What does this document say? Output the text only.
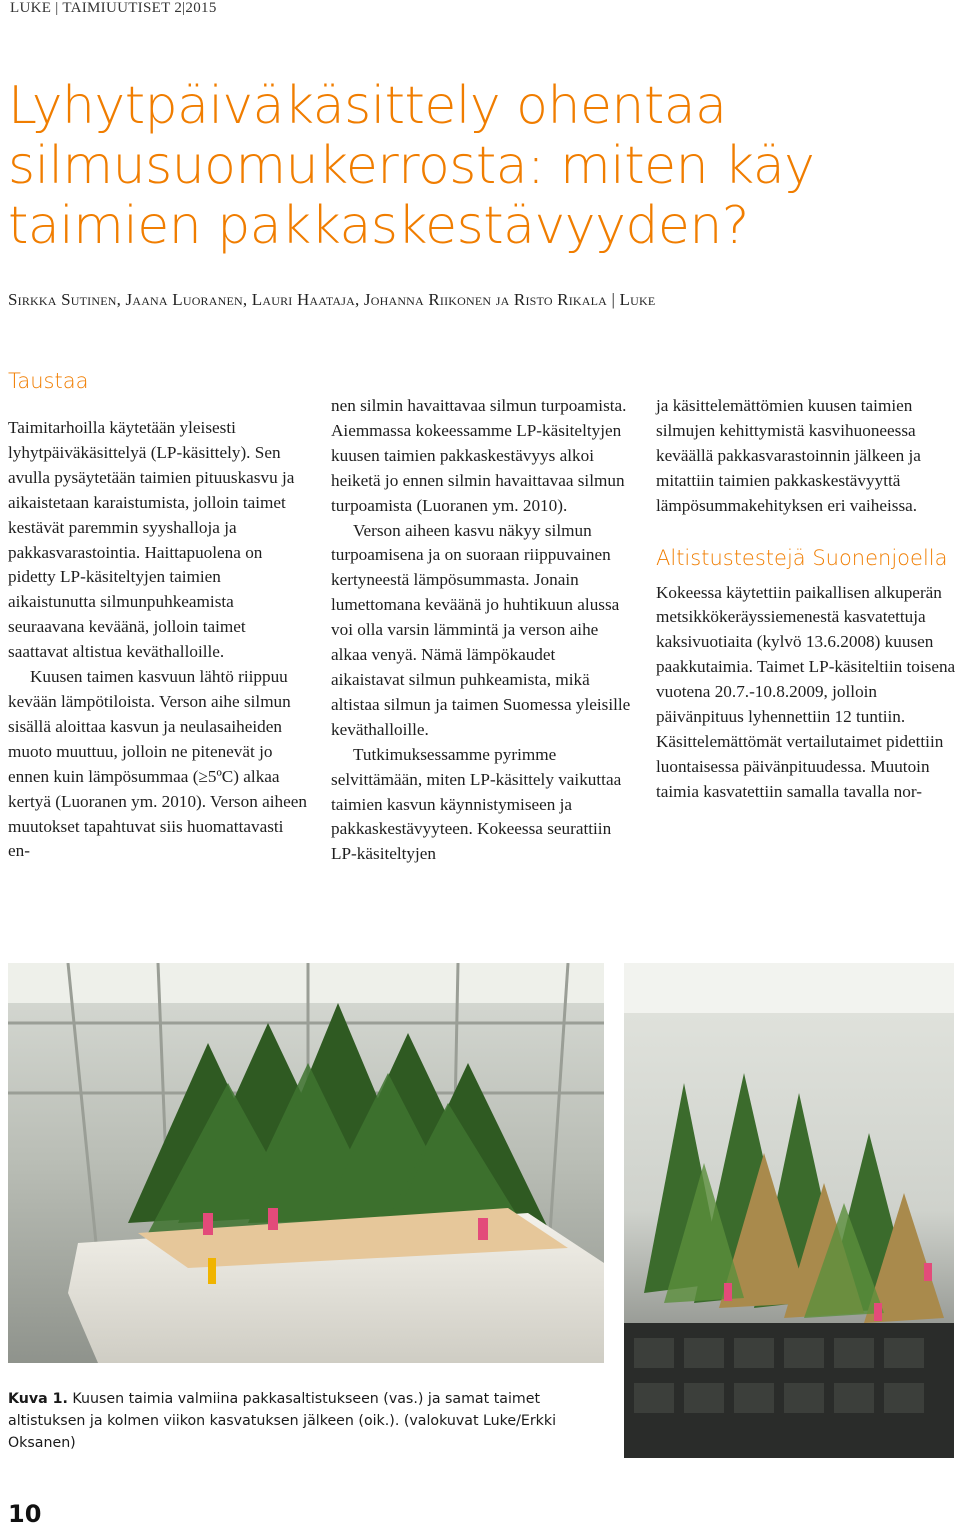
LUKE | TAIMIUUTISET 2|2015
Lyhytpäiväkäsittely ohentaa
silmusuomukerrosta: miten käy
taimien pakkaskestävyyden?
Sirkka Sutinen, Jaana Luoranen, Lauri Haataja, Johanna Riikonen ja Risto Rikala | Luke
Taustaa

Taimitarhoilla käytetään yleisesti lyhytpäiväkäsittelyä (LP-käsittely). Sen avulla pysäytetään taimien pituuskasvu ja aikaistetaan karaistumista, jolloin taimet kestävät paremmin syyshalloja ja pakkasvarastointia. Haittapuolena on pidetty LP-käsiteltyjen taimien aikaistunutta silmunpuhkeamista seuraavana keväänä, jolloin taimet saattavat altistua keväthalloille.

Kuusen taimen kasvuun lähtö riippuu kevään lämpötiloista. Verson aihe silmun sisällä aloittaa kasvun ja neulasaiheiden muoto muuttuu, jolloin ne pitenevät jo ennen kuin lämpösummaa (≥5ºC) alkaa kertyä (Luoranen ym. 2010). Verson aiheen muutokset tapahtuvat siis huomattavasti en-

nen silmin havaittavaa silmun turpoamista. Aiemmassa kokeessamme LP-käsiteltyjen kuusen taimien pakkaskestävyys alkoi heiketä jo ennen silmin havaittavaa silmun turpoamista (Luoranen ym. 2010).

Verson aiheen kasvu näkyy silmun turpoamisena ja on suoraan riippuvainen kertyneestä lämpösummasta. Jonain lumettomana keväänä jo huhtikuun alussa voi olla varsin lämmintä ja verson aihe alkaa venyä. Nämä lämpökaudet aikaistavat silmun puhkeamista, mikä altistaa silmun ja taimen Suomessa yleisille keväthalloille.

Tutkimuksessamme pyrimme selvittämään, miten LP-käsittely vaikuttaa taimien kasvun käynnistymiseen ja pakkaskestävyyteen. Kokeessa seurattiin LP-käsiteltyjen

ja käsittelemättömien kuusen taimien silmujen kehittymistä kasvihuoneessa keväällä pakkasvarastoinnin jälkeen ja mitattiin taimien pakkaskestävyyttä lämpösummakehityksen eri vaiheissa.

Altistustestejä Suonenjoella

Kokeessa käytettiin paikallisen alkuperän metsikkökeräyssiemenestä kasvatettuja kaksivuotiaita (kylvö 13.6.2008) kuusen paakkutaimia. Taimet LP-käsiteltiin toisena vuotena 20.7.-10.8.2009, jolloin päivänpituus lyhennettiin 12 tuntiin. Käsittelemättömät vertailutaimet pidettiin luontaisessa päivänpituudessa. Muutoin taimia kasvatettiin samalla tavalla nor-

Kuva 1. Kuusen taimia valmiina pakkasaltistukseen (vas.) ja samat taimet altistuksen ja kolmen viikon kasvatuksen jälkeen (oik.). (valokuvat Luke/Erkki Oksanen)
10
